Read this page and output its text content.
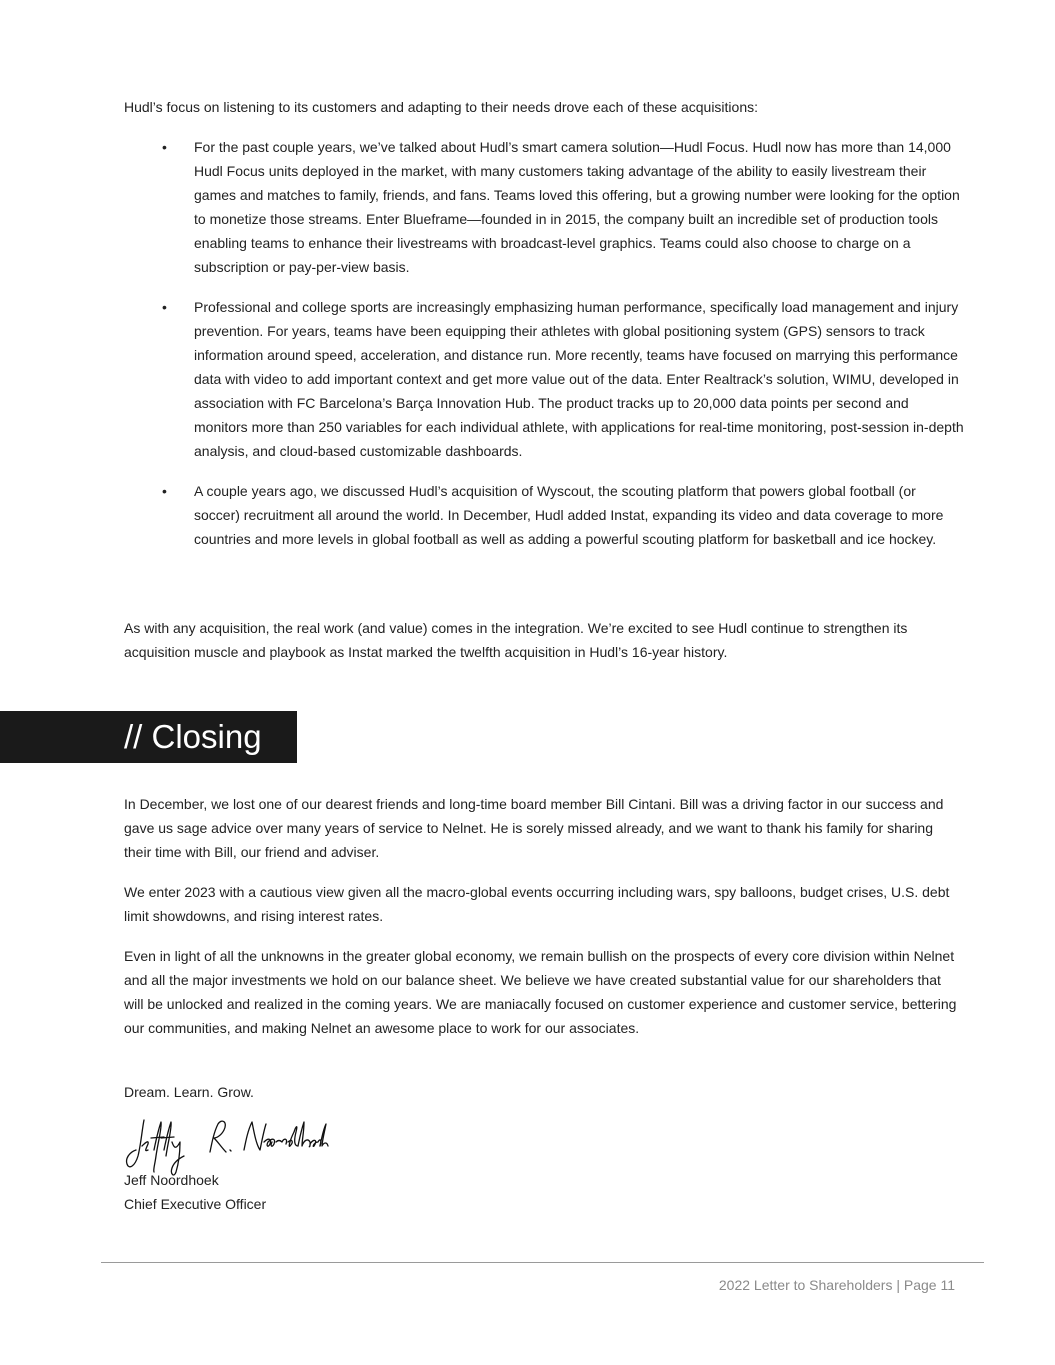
Hudl’s focus on listening to its customers and adapting to their needs drove each of these acquisitions:

• For the past couple years, we’ve talked about Hudl’s smart camera solution—Hudl Focus. Hudl now has more than 14,000 Hudl Focus units deployed in the market, with many customers taking advantage of the ability to easily livestream their games and matches to family, friends, and fans. Teams loved this offering, but a growing number were looking for the option to monetize those streams. Enter Blueframe—founded in in 2015, the company built an incredible set of production tools enabling teams to enhance their livestreams with broadcast-level graphics. Teams could also choose to charge on a subscription or pay-per-view basis.
• Professional and college sports are increasingly emphasizing human performance, specifically load management and injury prevention. For years, teams have been equipping their athletes with global positioning system (GPS) sensors to track information around speed, acceleration, and distance run. More recently, teams have focused on marrying this performance data with video to add important context and get more value out of the data. Enter Realtrack’s solution, WIMU, developed in association with FC Barcelona’s Barça Innovation Hub. The product tracks up to 20,000 data points per second and monitors more than 250 variables for each individual athlete, with applications for real-time monitoring, post-session in-depth analysis, and cloud-based customizable dashboards.
• A couple years ago, we discussed Hudl’s acquisition of Wyscout, the scouting platform that powers global football (or soccer) recruitment all around the world. In December, Hudl added Instat, expanding its video and data coverage to more countries and more levels in global football as well as adding a powerful scouting platform for basketball and ice hockey.

As with any acquisition, the real work (and value) comes in the integration. We’re excited to see Hudl continue to strengthen its acquisition muscle and playbook as Instat marked the twelfth acquisition in Hudl’s 16-year history.

// Closing

In December, we lost one of our dearest friends and long-time board member Bill Cintani. Bill was a driving factor in our success and gave us sage advice over many years of service to Nelnet. He is sorely missed already, and we want to thank his family for sharing their time with Bill, our friend and adviser.

We enter 2023 with a cautious view given all the macro-global events occurring including wars, spy balloons, budget crises, U.S. debt limit showdowns, and rising interest rates.

Even in light of all the unknowns in the greater global economy, we remain bullish on the prospects of every core division within Nelnet and all the major investments we hold on our balance sheet. We believe we have created substantial value for our shareholders that will be unlocked and realized in the coming years. We are maniacally focused on customer experience and customer service, bettering our communities, and making Nelnet an awesome place to work for our associates.

Dream. Learn. Grow.

Jeff Noordhoek

Chief Executive Officer

2022 Letter to Shareholders | Page 11
